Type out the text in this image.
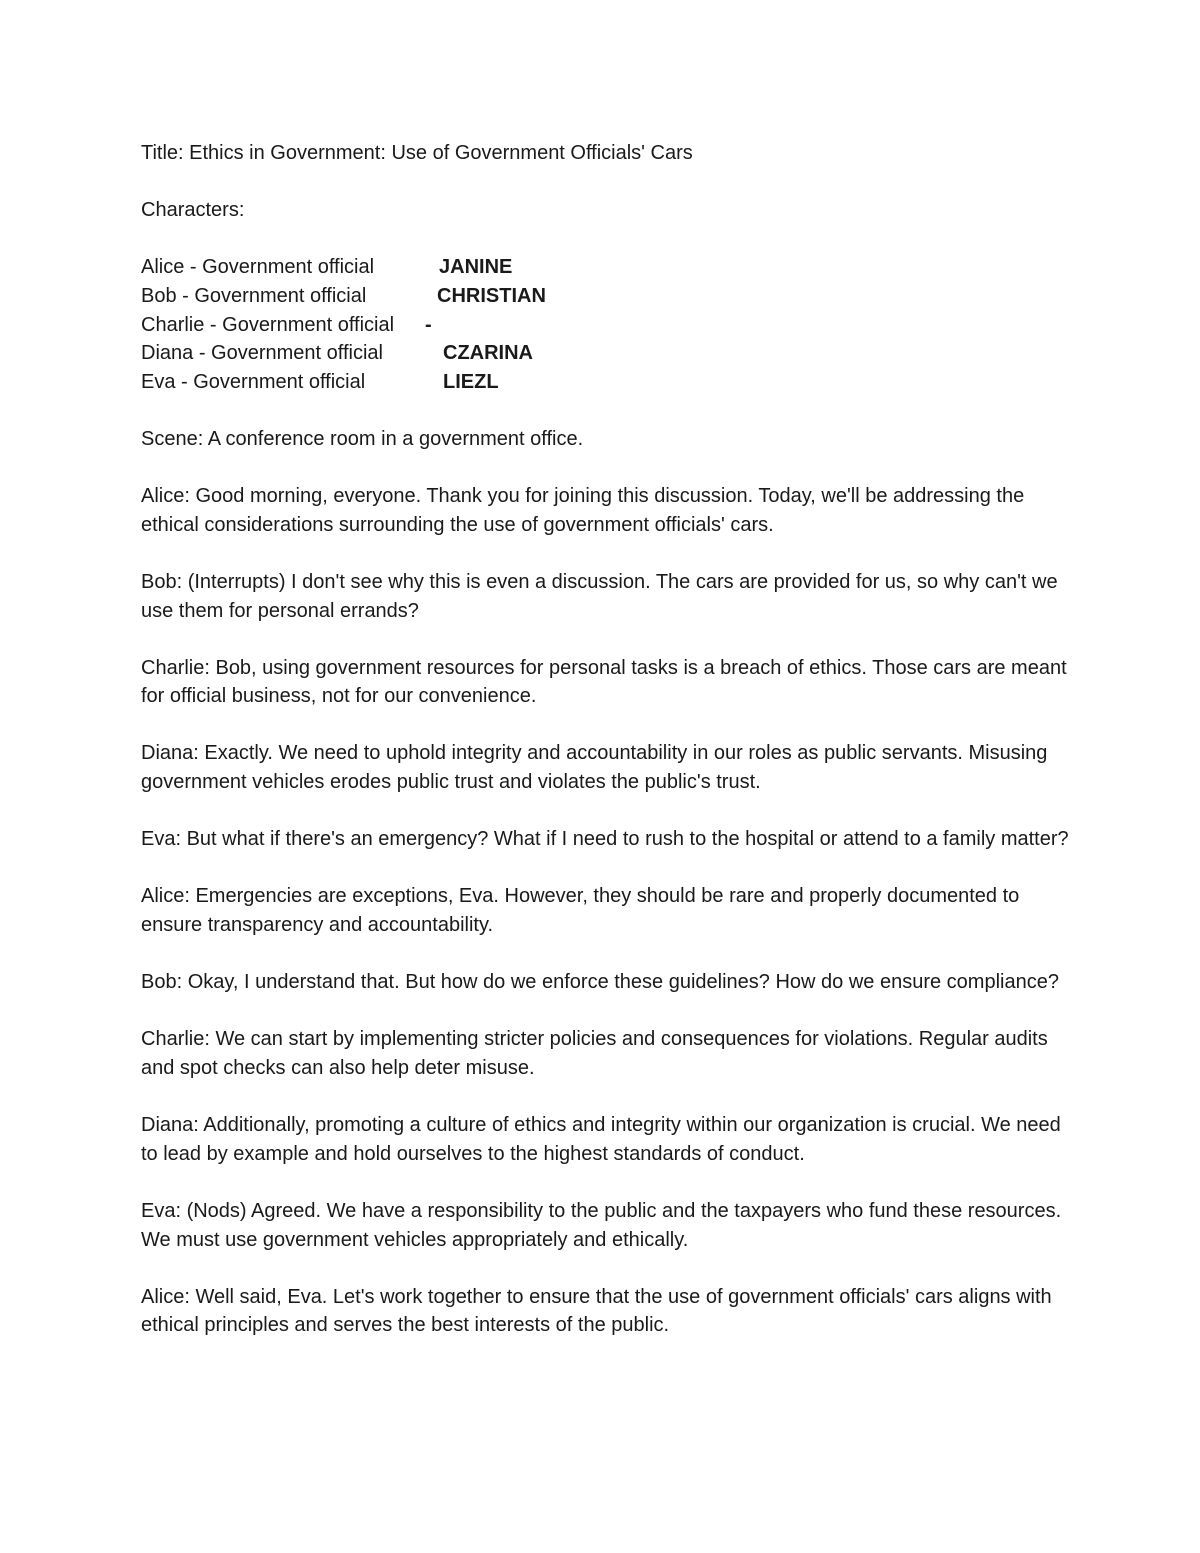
Title: Ethics in Government: Use of Government Officials' Cars

Characters:

Alice - Government official	JANINE
Bob - Government official	CHRISTIAN
Charlie - Government official	-
Diana - Government official	CZARINA
Eva - Government official	LIEZL

Scene: A conference room in a government office.

Alice: Good morning, everyone. Thank you for joining this discussion. Today, we'll be addressing the ethical considerations surrounding the use of government officials' cars.

Bob: (Interrupts) I don't see why this is even a discussion. The cars are provided for us, so why can't we use them for personal errands?

Charlie: Bob, using government resources for personal tasks is a breach of ethics. Those cars are meant for official business, not for our convenience.

Diana: Exactly. We need to uphold integrity and accountability in our roles as public servants. Misusing government vehicles erodes public trust and violates the public's trust.

Eva: But what if there's an emergency? What if I need to rush to the hospital or attend to a family matter?

Alice: Emergencies are exceptions, Eva. However, they should be rare and properly documented to ensure transparency and accountability.

Bob: Okay, I understand that. But how do we enforce these guidelines? How do we ensure compliance?

Charlie: We can start by implementing stricter policies and consequences for violations. Regular audits and spot checks can also help deter misuse.

Diana: Additionally, promoting a culture of ethics and integrity within our organization is crucial. We need to lead by example and hold ourselves to the highest standards of conduct.

Eva: (Nods) Agreed. We have a responsibility to the public and the taxpayers who fund these resources. We must use government vehicles appropriately and ethically.

Alice: Well said, Eva. Let's work together to ensure that the use of government officials' cars aligns with ethical principles and serves the best interests of the public.
